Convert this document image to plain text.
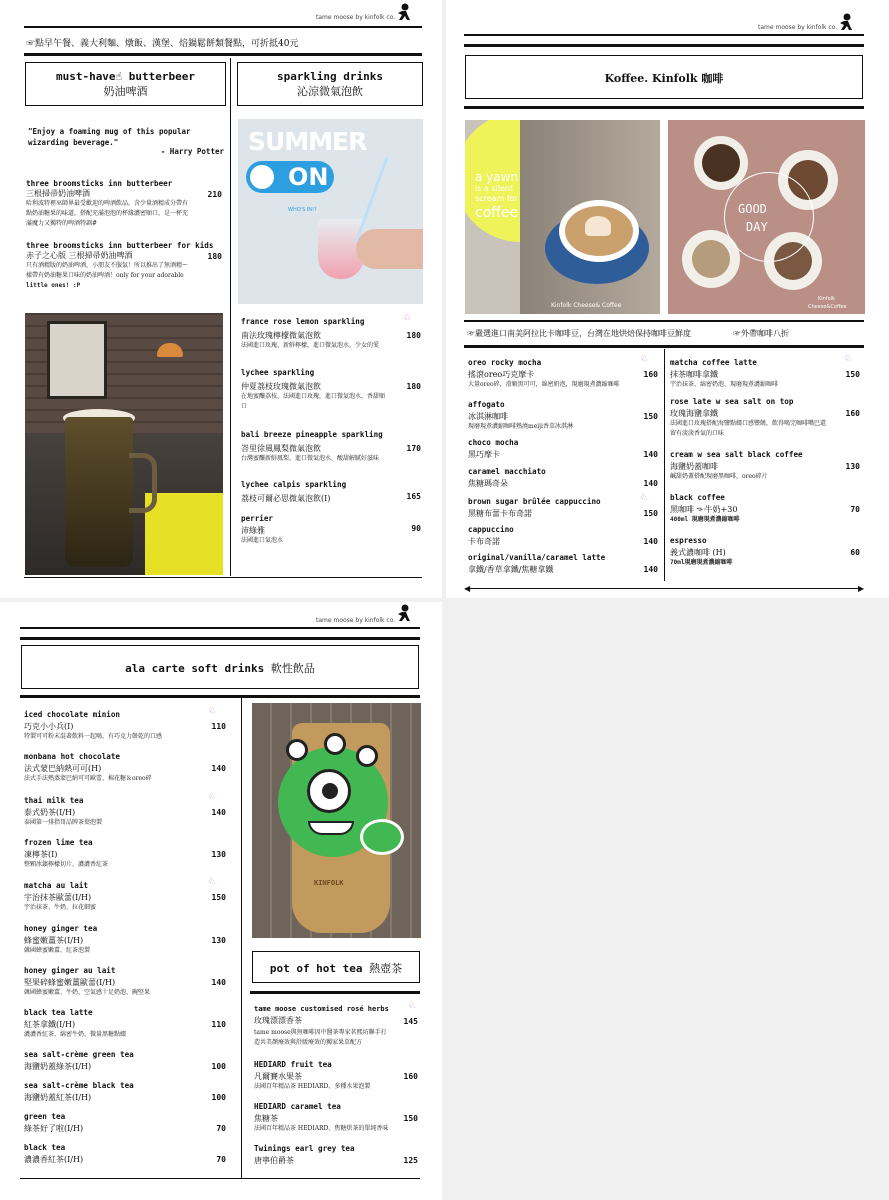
tame moose by kinfolk co.
☞點早午餐、義大利麵、燉飯、漢堡、焙鍋鬆餅類餐點，可折抵40元
must-have☝ butterbeer
奶油啤酒
sparkling drinks
沁涼微氣泡飲
"Enjoy a foaming mug of this popular wizarding beverage."
- Harry Potter
three broomsticks inn butterbeer
三根掃帚奶油啤酒	210
哈利波特裡巫師界最受歡迎的啤酒飲品，含少量酒精成分帶有
點奶油糖果的味道，搭配充滿泡泡的杯緣濃密順口，是一杯充
滿魔力又獨特的啤酒特調#
three broomsticks inn butterbeer for kids
赤子之心版 三根掃帚奶油啤酒	180
只有酒精版的奶油啤酒，小朋友不服氣！所以推出了無酒精ー
樣帶有奶油糖果口味的奶油啤酒！only for your adorable
little ones! :P
SUMMER
ON
WHO'S IN!?
france rose lemon sparkling
南法玫瑰檸檬微氣泡飲	180
法國進口玫瑰、新鮮檸檬，進口微氣泡水，少女的愛
♘
lychee sparkling
仲夏荔枝玫瑰微氣泡飲	180
在地蜜釀荔枝、法國進口玫瑰，進口微氣泡水，香甜順
口
bali breeze pineapple sparkling
峇里徐風鳳梨微氣泡飲	170
台灣蜜釀新鮮鳳梨，進口微氣泡水，酸甜解膩好滋味
lychee calpis sparkling
荔枝可爾必思微氣泡飲(I)	165
perrier
沛綠雅	90
法國進口氣泡水
tame moose by kinfolk co.
Koffee. Kinfolk 咖啡
a yawn
is a silent
scream for
coffee
Kinfolk Cheese& Coffee
GOOD
DAY
Kinfolk
Cheese&Coffee
☞嚴選進口南美阿拉比卡咖啡豆，台灣在地烘焙保持咖啡豆鮮度	☞外帶咖啡八折
oreo rocky mocha
搖滾oreo巧克摩卡	160
大量oreo碎，滑順黑可可，綿密奶泡，現磨現煮濃縮咖啡
♘
affogato
冰淇淋咖啡	150
現磨現煮濃縮咖啡熱澆meiji香草冰淇淋
choco mocha
黑巧摩卡	140
caramel macchiato
焦糖瑪奇朵	140
brown sugar brûlée cappuccino
黑糖布蕾卡布奇諾	150
♘
cappuccino
卡布奇諾	140
original/vanilla/caramel latte
拿鐵/香草拿鐵/焦糖拿鐵	140
matcha coffee latte
抹茶咖啡拿鐵	150
宇治抹茶、綿密奶泡、現磨現煮濃縮咖啡
♘
rose late w sea salt on top
玫瑰海鹽拿鐵	160
法國進口玫瑰搭配海鹽點綴口感豐饒，飲得喝完咖啡嘴巴還
留有淡淡香氣的口味
cream w sea salt black coffee
海鹽奶蓋咖啡	130
鹹甜奶蓋搭配現磨黑咖啡，oreo碎片
black coffee
黑咖啡 ☜牛奶+30	70
400ml 現磨現煮濃縮咖啡
espresso
義式濃咖啡 (H)	60
70ml現磨現煮濃縮咖啡
◀	▶
tame moose by kinfolk co.
ala carte soft drinks 軟性飲品
KINFOLK
pot of hot tea 熱壺茶
tame moose customised rosé herbs
玫瑰漂漂香茶	145
tame moose與無咖啡因中醫茶專家茗熙坊聯手打
造共美顏療效與舒緩療效的獨家果草配方
♘
HEDIARD fruit tea
凡爾賽水果茶	160
法國百年精品茶 HEDIARD、多種水果泡製
HEDIARD caramel tea
焦糖茶	150
法國百年精品茶 HEDIARD、焦糖烘茶的單純香味
Twinings earl grey tea
唐寧伯爵茶	125
iced chocolate minion
巧克小小兵(I)	110
特製可可粉末混著飲料一起喝，有巧克力餅乾的口感
♘
monbana hot chocolate
法式蒙巴納熱可可(H)	140
法式手法熱蒸蒙巴納可可歐蕾、棉花糖＆oreo碎
thai milk tea
泰式奶茶(I/H)	140
泰國第一排指哥品牌茶葉泡製
♘
frozen lime tea
凍檸茶(I)	130
整顆冰鎮檸檬切片、濃濃香紅茶
matcha au lait
宇治抹茶歐蕾(I/H)	150
宇治抹茶、牛奶、拉花細蜜
♘
honey ginger tea
蜂蜜嫩薑茶(I/H)	130
韓國蜂蜜嫩薑、紅茶泡製
honey ginger au lait
堅果碎蜂蜜嫩薑歐蕾(I/H)	140
韓國蜂蜜嫩薑、牛奶、空氣感十足奶泡、碗堅果
black tea latte
紅茶拿鐵(I/H)	110
濃濃香紅茶、綿密牛奶、微量黑糖點綴
sea salt-crème green tea
海鹽奶蓋綠茶(I/H)	100
sea salt-crème black tea
海鹽奶蓋紅茶(I/H)	100
green tea
綠茶好了啦(I/H)	70
black tea
濃濃香紅茶(I/H)	70
